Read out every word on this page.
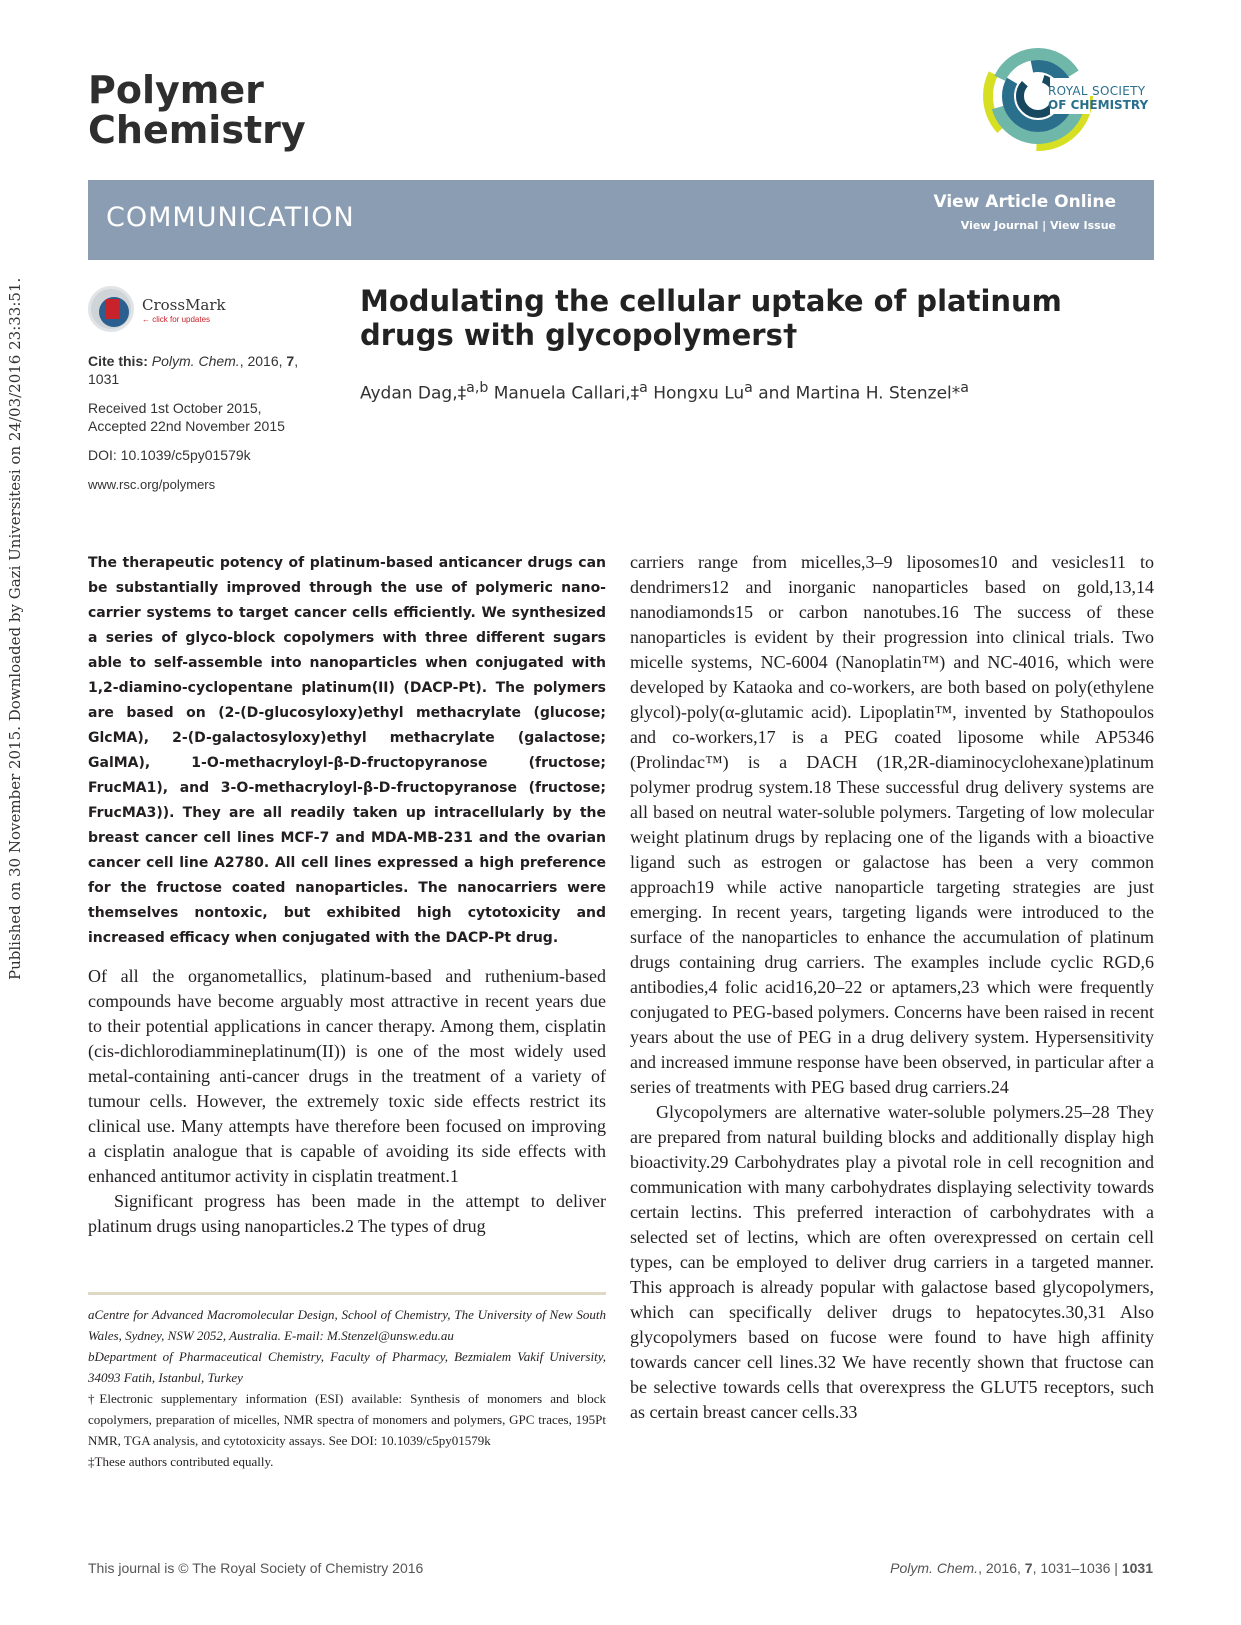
Published on 30 November 2015. Downloaded by Gazi Universitesi on 24/03/2016 23:33:51.
Polymer
Chemistry
ROYAL SOCIETY
OF CHEMISTRY
COMMUNICATION	View Article Online
View Journal | View Issue
CrossMark
← click for updates
Cite this: Polym. Chem., 2016, 7,
1031
Received 1st October 2015,
Accepted 22nd November 2015
DOI: 10.1039/c5py01579k
www.rsc.org/polymers
Modulating the cellular uptake of platinum drugs with glycopolymers†
Aydan Dag,‡$^{a,b}$ Manuela Callari,‡$^a$ Hongxu Lu$^a$ and Martina H. Stenzel*$^a$
The therapeutic potency of platinum-based anticancer drugs can be substantially improved through the use of polymeric nano-carrier systems to target cancer cells efficiently. We synthesized a series of glyco-block copolymers with three different sugars able to self-assemble into nanoparticles when conjugated with 1,2-diamino-cyclopentane platinum(II) (DACP-Pt). The polymers are based on (2-(D-glucosyloxy)ethyl methacrylate (glucose; GlcMA), 2-(D-galactosyloxy)ethyl methacrylate (galactose; GalMA), 1-O-methacryloyl-β-D-fructopyranose (fructose; FrucMA1), and 3-O-methacryloyl-β-D-fructopyranose (fructose; FrucMA3)). They are all readily taken up intracellularly by the breast cancer cell lines MCF-7 and MDA-MB-231 and the ovarian cancer cell line A2780. All cell lines expressed a high preference for the fructose coated nanoparticles. The nanocarriers were themselves nontoxic, but exhibited high cytotoxicity and increased efficacy when conjugated with the DACP-Pt drug.

Of all the organometallics, platinum-based and ruthenium-based compounds have become arguably most attractive in recent years due to their potential applications in cancer therapy. Among them, cisplatin (cis-dichlorodiammineplatinum(II)) is one of the most widely used metal-containing anti-cancer drugs in the treatment of a variety of tumour cells. However, the extremely toxic side effects restrict its clinical use. Many attempts have therefore been focused on improving a cisplatin analogue that is capable of avoiding its side effects with enhanced antitumor activity in cisplatin treatment.1

Significant progress has been made in the attempt to deliver platinum drugs using nanoparticles.2 The types of drug

carriers range from micelles,3–9 liposomes10 and vesicles11 to dendrimers12 and inorganic nanoparticles based on gold,13,14 nanodiamonds15 or carbon nanotubes.16 The success of these nanoparticles is evident by their progression into clinical trials. Two micelle systems, NC-6004 (Nanoplatin™) and NC-4016, which were developed by Kataoka and co-workers, are both based on poly(ethylene glycol)-poly(α-glutamic acid). Lipoplatin™, invented by Stathopoulos and co-workers,17 is a PEG coated liposome while AP5346 (Prolindac™) is a DACH (1R,2R-diaminocyclohexane)platinum polymer prodrug system.18 These successful drug delivery systems are all based on neutral water-soluble polymers. Targeting of low molecular weight platinum drugs by replacing one of the ligands with a bioactive ligand such as estrogen or galactose has been a very common approach19 while active nanoparticle targeting strategies are just emerging. In recent years, targeting ligands were introduced to the surface of the nanoparticles to enhance the accumulation of platinum drugs containing drug carriers. The examples include cyclic RGD,6 antibodies,4 folic acid16,20–22 or aptamers,23 which were frequently conjugated to PEG-based polymers. Concerns have been raised in recent years about the use of PEG in a drug delivery system. Hypersensitivity and increased immune response have been observed, in particular after a series of treatments with PEG based drug carriers.24

Glycopolymers are alternative water-soluble polymers.25–28 They are prepared from natural building blocks and additionally display high bioactivity.29 Carbohydrates play a pivotal role in cell recognition and communication with many carbohydrates displaying selectivity towards certain lectins. This preferred interaction of carbohydrates with a selected set of lectins, which are often overexpressed on certain cell types, can be employed to deliver drug carriers in a targeted manner. This approach is already popular with galactose based glycopolymers, which can specifically deliver drugs to hepatocytes.30,31 Also glycopolymers based on fucose were found to have high affinity towards cancer cell lines.32 We have recently shown that fructose can be selective towards cells that overexpress the GLUT5 receptors, such as certain breast cancer cells.33

aCentre for Advanced Macromolecular Design, School of Chemistry, The University of New South Wales, Sydney, NSW 2052, Australia. E-mail: M.Stenzel@unsw.edu.au

bDepartment of Pharmaceutical Chemistry, Faculty of Pharmacy, Bezmialem Vakif University, 34093 Fatih, Istanbul, Turkey

†Electronic supplementary information (ESI) available: Synthesis of monomers and block copolymers, preparation of micelles, NMR spectra of monomers and polymers, GPC traces, 195Pt NMR, TGA analysis, and cytotoxicity assays. See DOI: 10.1039/c5py01579k

‡These authors contributed equally.

This journal is © The Royal Society of Chemistry 2016	Polym. Chem., 2016, 7, 1031–1036 | 1031
